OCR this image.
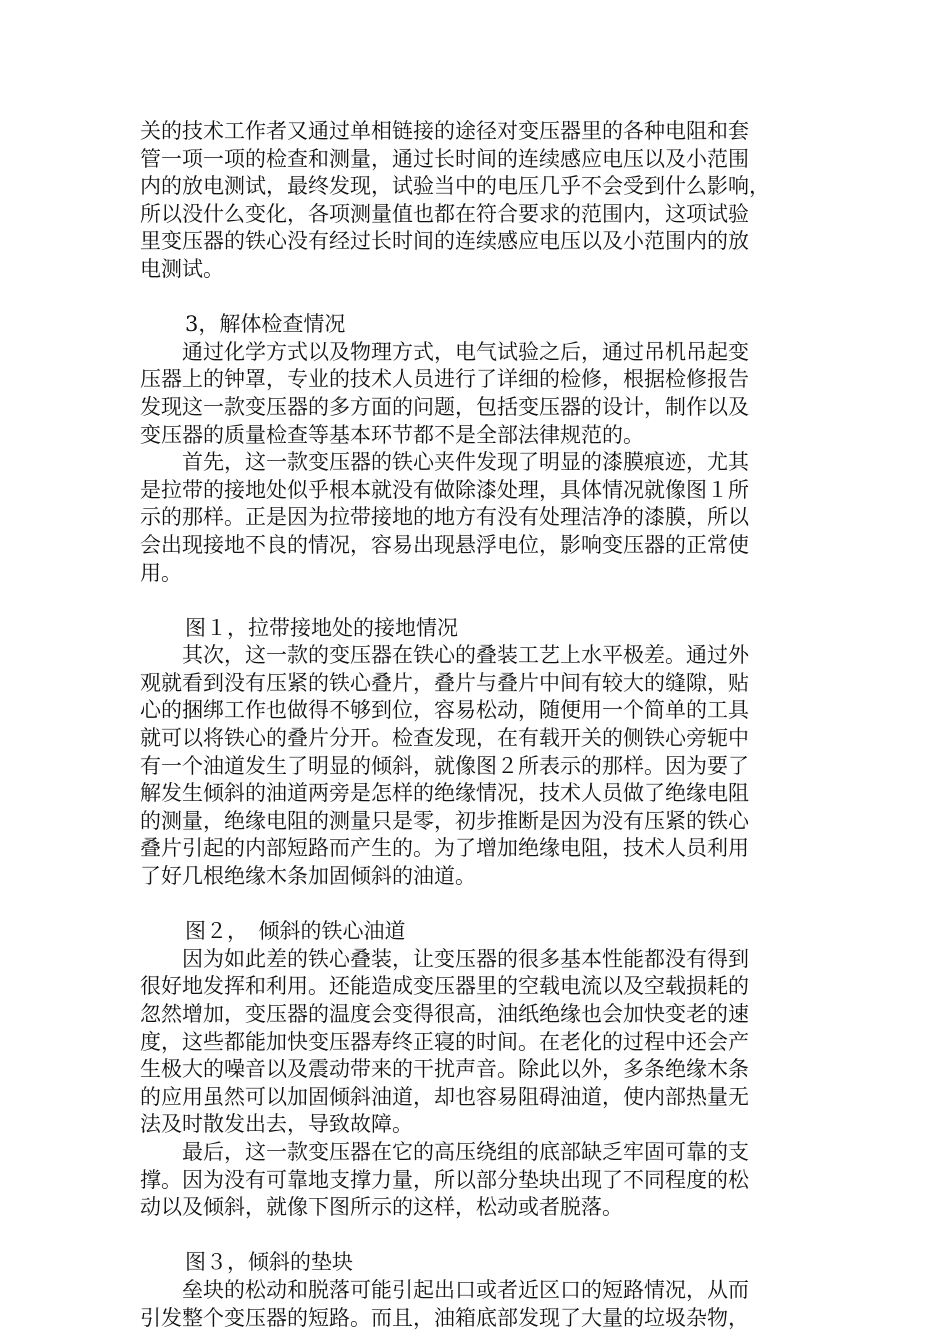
关的技术工作者又通过单相链接的途径对变压器里的各种电阻和套
管一项一项的检查和测量，通过长时间的连续感应电压以及小范围
内的放电测试，最终发现，试验当中的电压几乎不会受到什么影响，
所以没什么变化，各项测量值也都在符合要求的范围内，这项试验
里变压器的铁心没有经过长时间的连续感应电压以及小范围内的放
电测试。
3，解体检查情况
通过化学方式以及物理方式，电气试验之后，通过吊机吊起变
压器上的钟罩，专业的技术人员进行了详细的检修，根据检修报告
发现这一款变压器的多方面的问题，包括变压器的设计，制作以及
变压器的质量检查等基本环节都不是全部法律规范的。
首先，这一款变压器的铁心夹件发现了明显的漆膜痕迹，尤其
是拉带的接地处似乎根本就没有做除漆处理，具体情况就像图１所
示的那样。正是因为拉带接地的地方有没有处理洁净的漆膜，所以
会出现接地不良的情况，容易出现悬浮电位，影响变压器的正常使
用。
图１，拉带接地处的接地情况
其次，这一款的变压器在铁心的叠装工艺上水平极差。通过外
观就看到没有压紧的铁心叠片，叠片与叠片中间有较大的缝隙，贴
心的捆绑工作也做得不够到位，容易松动，随便用一个简单的工具
就可以将铁心的叠片分开。检查发现，在有载开关的侧铁心旁轭中
有一个油道发生了明显的倾斜，就像图２所表示的那样。因为要了
解发生倾斜的油道两旁是怎样的绝缘情况，技术人员做了绝缘电阻
的测量，绝缘电阻的测量只是零，初步推断是因为没有压紧的铁心
叠片引起的内部短路而产生的。为了增加绝缘电阻，技术人员利用
了好几根绝缘木条加固倾斜的油道。
图２，　倾斜的铁心油道
因为如此差的铁心叠装，让变压器的很多基本性能都没有得到
很好地发挥和利用。还能造成变压器里的空载电流以及空载损耗的
忽然增加，变压器的温度会变得很高，油纸绝缘也会加快变老的速
度，这些都能加快变压器寿终正寝的时间。在老化的过程中还会产
生极大的噪音以及震动带来的干扰声音。除此以外，多条绝缘木条
的应用虽然可以加固倾斜油道，却也容易阻碍油道，使内部热量无
法及时散发出去，导致故障。
最后，这一款变压器在它的高压绕组的底部缺乏牢固可靠的支
撑。因为没有可靠地支撑力量，所以部分垫块出现了不同程度的松
动以及倾斜，就像下图所示的这样，松动或者脱落。
图３，倾斜的垫块
垒块的松动和脱落可能引起出口或者近区口的短路情况，从而
引发整个变压器的短路。而且，油箱底部发现了大量的垃圾杂物，
